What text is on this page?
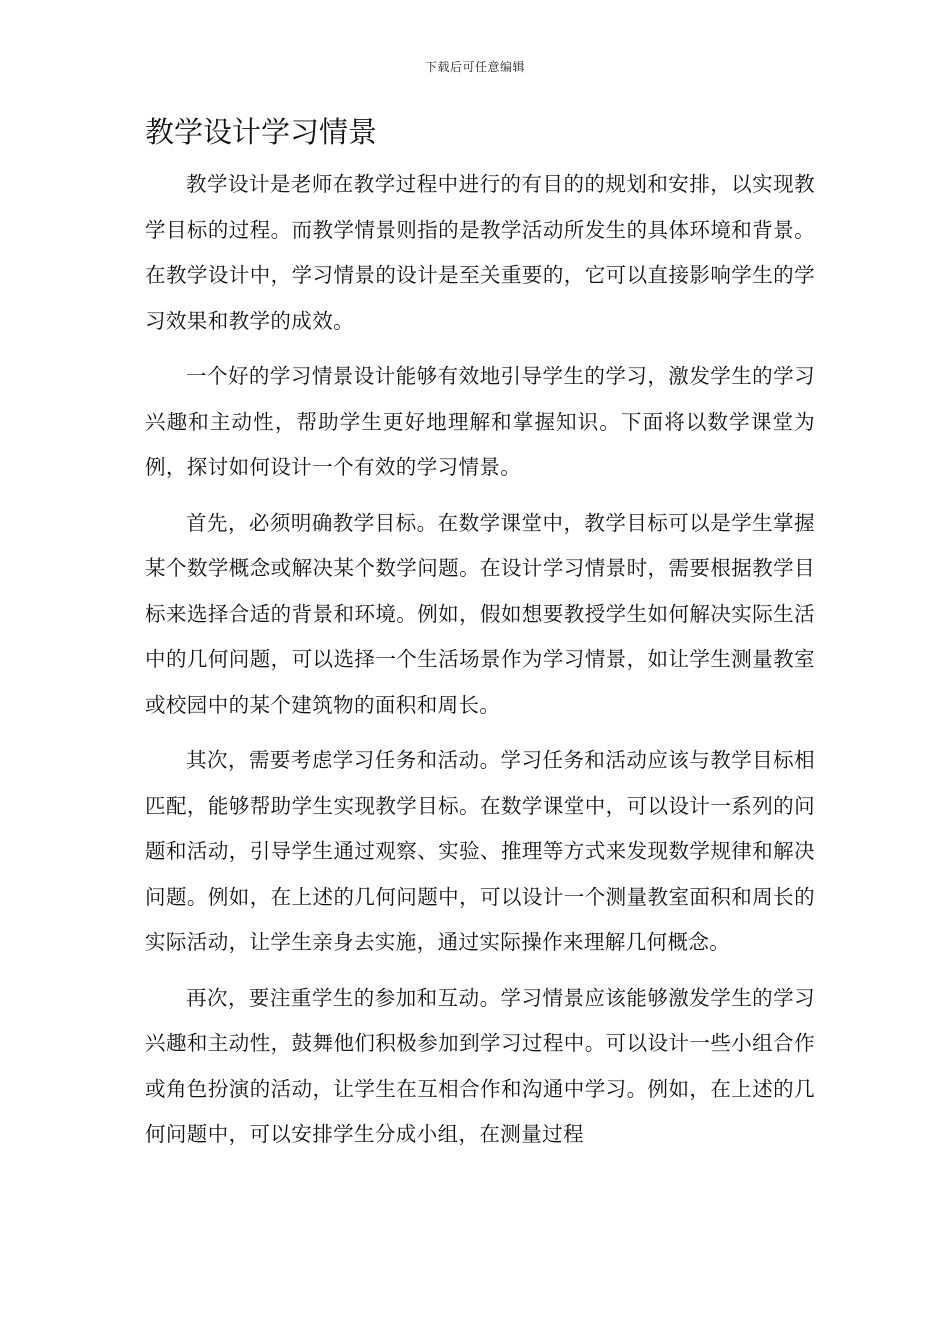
下载后可任意编辑
教学设计学习情景

教学设计是老师在教学过程中进行的有目的的规划和安排，以实现教学目标的过程。而教学情景则指的是教学活动所发生的具体环境和背景。在教学设计中，学习情景的设计是至关重要的，它可以直接影响学生的学习效果和教学的成效。

一个好的学习情景设计能够有效地引导学生的学习，激发学生的学习兴趣和主动性，帮助学生更好地理解和掌握知识。下面将以数学课堂为例，探讨如何设计一个有效的学习情景。

首先，必须明确教学目标。在数学课堂中，教学目标可以是学生掌握某个数学概念或解决某个数学问题。在设计学习情景时，需要根据教学目标来选择合适的背景和环境。例如，假如想要教授学生如何解决实际生活中的几何问题，可以选择一个生活场景作为学习情景，如让学生测量教室或校园中的某个建筑物的面积和周长。

其次，需要考虑学习任务和活动。学习任务和活动应该与教学目标相匹配，能够帮助学生实现教学目标。在数学课堂中，可以设计一系列的问题和活动，引导学生通过观察、实验、推理等方式来发现数学规律和解决问题。例如，在上述的几何问题中，可以设计一个测量教室面积和周长的实际活动，让学生亲身去实施，通过实际操作来理解几何概念。

再次，要注重学生的参加和互动。学习情景应该能够激发学生的学习兴趣和主动性，鼓舞他们积极参加到学习过程中。可以设计一些小组合作或角色扮演的活动，让学生在互相合作和沟通中学习。例如，在上述的几何问题中，可以安排学生分成小组，在测量过程
